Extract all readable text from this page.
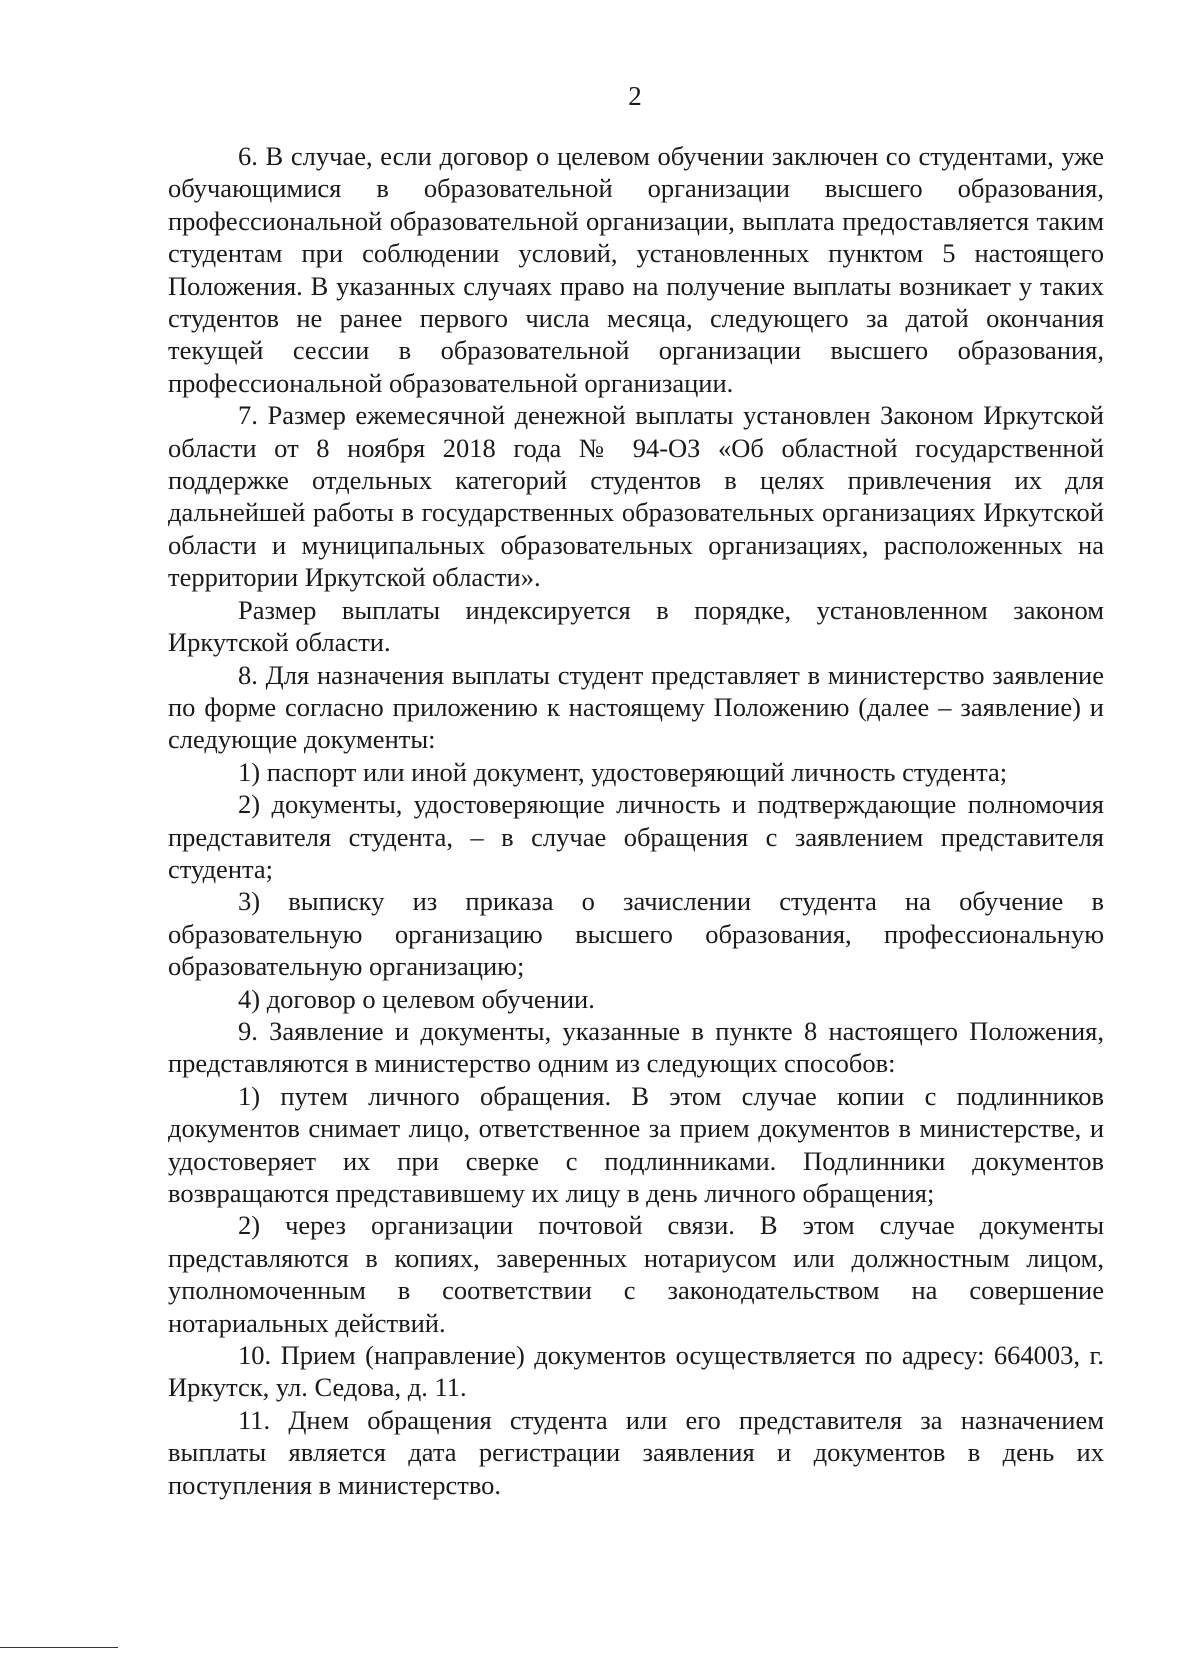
2

6. В случае, если договор о целевом обучении заключен со студентами, уже обучающимися в образовательной организации высшего образования, профессиональной образовательной организации, выплата предоставляется таким студентам при соблюдении условий, установленных пунктом 5 настоящего Положения. В указанных случаях право на получение выплаты возникает у таких студентов не ранее первого числа месяца, следующего за датой окончания текущей сессии в образовательной организации высшего образования, профессиональной образовательной организации.

7. Размер ежемесячной денежной выплаты установлен Законом Иркутской области от 8 ноября 2018 года № 94-ОЗ «Об областной государственной поддержке отдельных категорий студентов в целях привлечения их для дальнейшей работы в государственных образовательных организациях Иркутской области и муниципальных образовательных организациях, расположенных на территории Иркутской области».

Размер выплаты индексируется в порядке, установленном законом Иркутской области.

8. Для назначения выплаты студент представляет в министерство заявление по форме согласно приложению к настоящему Положению (далее – заявление) и следующие документы:

1) паспорт или иной документ, удостоверяющий личность студента;

2) документы, удостоверяющие личность и подтверждающие полномочия представителя студента, – в случае обращения с заявлением представителя студента;

3) выписку из приказа о зачислении студента на обучение в образовательную организацию высшего образования, профессиональную образовательную организацию;

4) договор о целевом обучении.

9. Заявление и документы, указанные в пункте 8 настоящего Положения, представляются в министерство одним из следующих способов:

1) путем личного обращения. В этом случае копии с подлинников документов снимает лицо, ответственное за прием документов в министерстве, и удостоверяет их при сверке с подлинниками. Подлинники документов возвращаются представившему их лицу в день личного обращения;

2) через организации почтовой связи. В этом случае документы представляются в копиях, заверенных нотариусом или должностным лицом, уполномоченным в соответствии с законодательством на совершение нотариальных действий.

10. Прием (направление) документов осуществляется по адресу: 664003, г. Иркутск, ул. Седова, д. 11.

11. Днем обращения студента или его представителя за назначением выплаты является дата регистрации заявления и документов в день их поступления в министерство.
